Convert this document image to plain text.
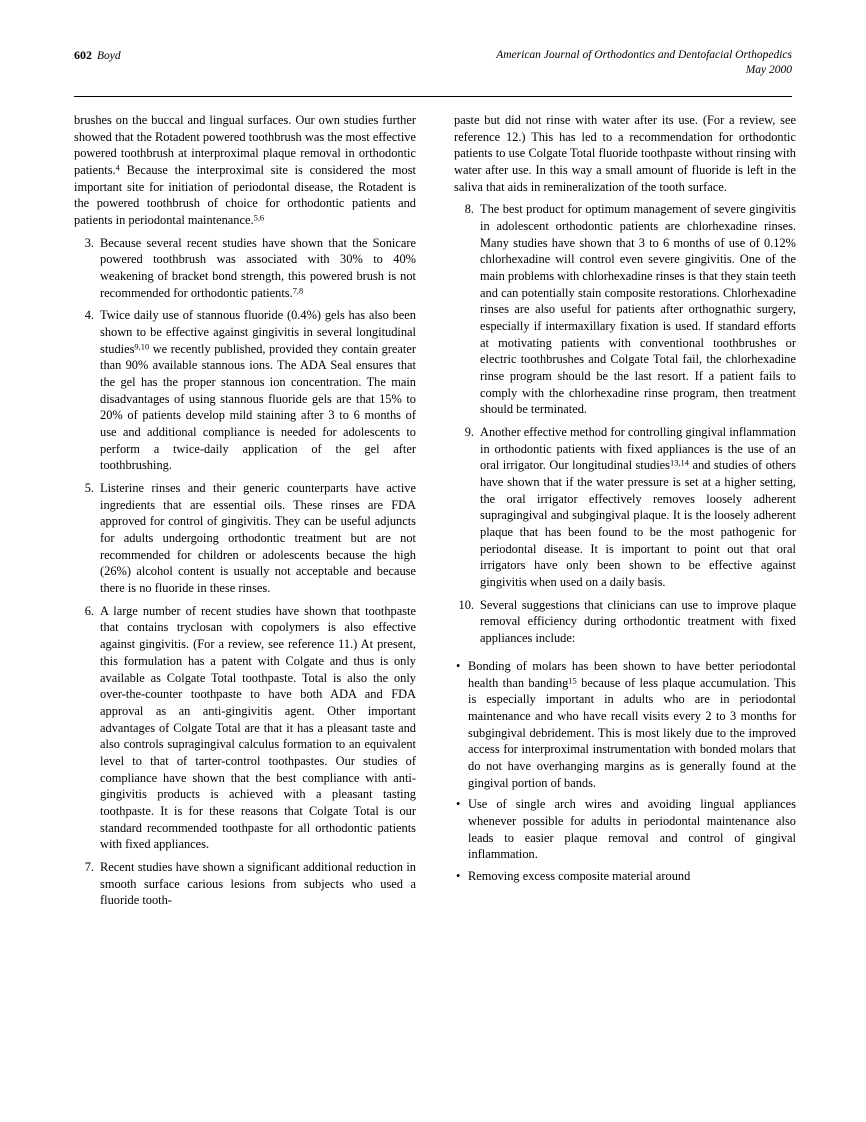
602 Boyd	American Journal of Orthodontics and Dentofacial Orthopedics
May 2000

brushes on the buccal and lingual surfaces. Our own studies further showed that the Rotadent powered toothbrush was the most effective powered toothbrush at interproximal plaque removal in orthodontic patients.$^4$ Because the interproximal site is considered the most important site for initiation of periodontal disease, the Rotadent is the powered toothbrush of choice for orthodontic patients and patients in periodontal maintenance.$^{5,6}$

3. Because several recent studies have shown that the Sonicare powered toothbrush was associated with 30% to 40% weakening of bracket bond strength, this powered brush is not recommended for orthodontic patients.$^{7,8}$

4. Twice daily use of stannous fluoride (0.4%) gels has also been shown to be effective against gingivitis in several longitudinal studies$^{9,10}$ we recently published, provided they contain greater than 90% available stannous ions. The ADA Seal ensures that the gel has the proper stannous ion concentration. The main disadvantages of using stannous fluoride gels are that 15% to 20% of patients develop mild staining after 3 to 6 months of use and additional compliance is needed for adolescents to perform a twice-daily application of the gel after toothbrushing.

5. Listerine rinses and their generic counterparts have active ingredients that are essential oils. These rinses are FDA approved for control of gingivitis. They can be useful adjuncts for adults undergoing orthodontic treatment but are not recommended for children or adolescents because the high (26%) alcohol content is usually not acceptable and because there is no fluoride in these rinses.

6. A large number of recent studies have shown that toothpaste that contains tryclosan with copolymers is also effective against gingivitis. (For a review, see reference 11.) At present, this formulation has a patent with Colgate and thus is only available as Colgate Total toothpaste. Total is also the only over-the-counter toothpaste to have both ADA and FDA approval as an anti-gingivitis agent. Other important advantages of Colgate Total are that it has a pleasant taste and also controls supragingival calculus formation to an equivalent level to that of tarter-control toothpastes. Our studies of compliance have shown that the best compliance with anti-gingivitis products is achieved with a pleasant tasting toothpaste. It is for these reasons that Colgate Total is our standard recommended toothpaste for all orthodontic patients with fixed appliances.

7. Recent studies have shown a significant additional reduction in smooth surface carious lesions from subjects who used a fluoride tooth-

paste but did not rinse with water after its use. (For a review, see reference 12.) This has led to a recommendation for orthodontic patients to use Colgate Total fluoride toothpaste without rinsing with water after use. In this way a small amount of fluoride is left in the saliva that aids in remineralization of the tooth surface.

8. The best product for optimum management of severe gingivitis in adolescent orthodontic patients are chlorhexadine rinses. Many studies have shown that 3 to 6 months of use of 0.12% chlorhexadine will control even severe gingivitis. One of the main problems with chlorhexadine rinses is that they stain teeth and can potentially stain composite restorations. Chlorhexadine rinses are also useful for patients after orthognathic surgery, especially if intermaxillary fixation is used. If standard efforts at motivating patients with conventional toothbrushes or electric toothbrushes and Colgate Total fail, the chlorhexadine rinse program should be the last resort. If a patient fails to comply with the chlorhexadine rinse program, then treatment should be terminated.

9. Another effective method for controlling gingival inflammation in orthodontic patients with fixed appliances is the use of an oral irrigator. Our longitudinal studies$^{13,14}$ and studies of others have shown that if the water pressure is set at a higher setting, the oral irrigator effectively removes loosely adherent supragingival and subgingival plaque. It is the loosely adherent plaque that has been found to be the most pathogenic for periodontal disease. It is important to point out that oral irrigators have only been shown to be effective against gingivitis when used on a daily basis.

10. Several suggestions that clinicians can use to improve plaque removal efficiency during orthodontic treatment with fixed appliances include:

• Bonding of molars has been shown to have better periodontal health than banding$^{15}$ because of less plaque accumulation. This is especially important in adults who are in periodontal maintenance and who have recall visits every 2 to 3 months for subgingival debridement. This is most likely due to the improved access for interproximal instrumentation with bonded molars that do not have overhanging margins as is generally found at the gingival portion of bands.

• Use of single arch wires and avoiding lingual appliances whenever possible for adults in periodontal maintenance also leads to easier plaque removal and control of gingival inflammation.

• Removing excess composite material around
